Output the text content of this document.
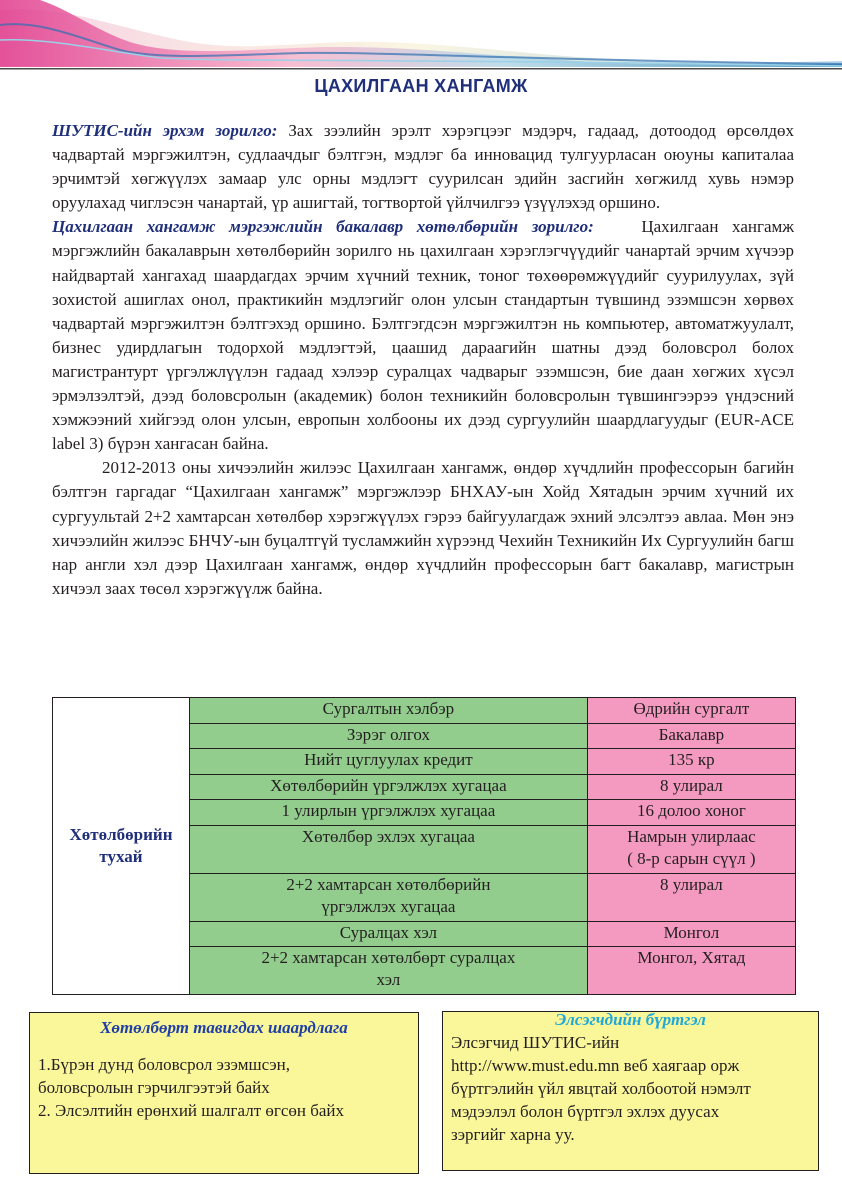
ЦАХИЛГААН ХАНГАМЖ

ШУТИС-ийн эрхэм зорилго: Зах зээлийн эрэлт хэрэгцээг мэдэрч, гадаад, дотоодод өрсөлдөх чадвартай мэргэжилтэн, судлаачдыг бэлтгэн, мэдлэг ба инновацид тулгуурласан оюуны капиталаа эрчимтэй хөгжүүлэх замаар улс орны мэдлэгт суурилсан эдийн засгийн хөгжилд хувь нэмэр оруулахад чиглэсэн чанартай, үр ашигтай, тогтвортой үйлчилгээ үзүүлэхэд оршино.

Цахилгаан хангамж мэргэжлийн бакалавр хөтөлбөрийн зорилго:  	Цахилгаан хангамж мэргэжлийн бакалаврын хөтөлбөрийн зорилго нь цахилгаан хэрэглэгчүүдийг чанартай эрчим хүчээр найдвартай хангахад шаардагдах эрчим хүчний техник, тоног төхөөрөмжүүдийг суурилуулах, зүй зохистой ашиглах онол, практикийн мэдлэгийг олон улсын стандартын түвшинд эзэмшсэн хөрвөх чадвартай мэргэжилтэн бэлтгэхэд оршино. Бэлтгэгдсэн мэргэжилтэн нь компьютер, автоматжуулалт, бизнес удирдлагын тодорхой мэдлэгтэй, цаашид дараагийн шатны дээд боловсрол болох магистрантурт үргэлжлүүлэн гадаад хэлээр суралцах чадварыг эзэмшсэн, бие даан хөгжих хүсэл эрмэлзэлтэй, дээд боловсролын (академик) болон техникийн боловсролын түвшингээрээ үндэсний хэмжээний хийгээд олон улсын, европын холбооны их дээд сургуулийн шаардлагуудыг (EUR-ACE label 3) бүрэн хангасан байна.

2012-2013 оны хичээлийн жилээс Цахилгаан хангамж, өндөр хүчдлийн профессорын багийн бэлтгэн гаргадаг “Цахилгаан хангамж” мэргэжлээр БНХАУ-ын Хойд Хятадын эрчим хүчний их сургуультай 2+2 хамтарсан хөтөлбөр хэрэгжүүлэх гэрээ байгуулагдаж эхний элсэлтээ авлаа. Мөн энэ хичээлийн жилээс БНЧУ-ын буцалтгүй тусламжийн хүрээнд Чехийн Техникийн Их Сургуулийн багш нар англи хэл дээр Цахилгаан хангамж, өндөр хүчдлийн профессорын багт бакалавр, магистрын хичээл заах төсөл хэрэгжүүлж байна.

Хөтөлбөрийн тухай	Сургалтын хэлбэр	Өдрийн сургалт
	Зэрэг олгох	Бакалавр
	Нийт цуглуулах кредит	135 кр
	Хөтөлбөрийн үргэлжлэх хугацаа	8 улирал
	1 улирлын үргэлжлэх хугацаа	16 долоо хоног
	Хөтөлбөр эхлэх хугацаа	Намрын улирлаас
( 8-р сарын сүүл )

	2+2 хамтарсан хөтөлбөрийн
үргэлжлэх хугацаа	8 улирал
	Суралцах хэл	Монгол

	2+2 хамтарсан хөтөлбөрт суралцах
хэл	Монгол, Хятад
Хөтөлбөрт тавигдах шаардлага
1.Бүрэн дунд боловсрол эзэмшсэн,
боловсролын гэрчилгээтэй байх
2. Элсэлтийн ерөнхий шалгалт өгсөн байх
Элсэгчдийн бүртгэл
Элсэгчид ШУТИС-ийн
http://www.must.edu.mn веб хаягаар орж
бүртгэлийн үйл явцтай холбоотой нэмэлт
мэдээлэл болон бүртгэл эхлэх дуусах
зэргийг харна уу.
